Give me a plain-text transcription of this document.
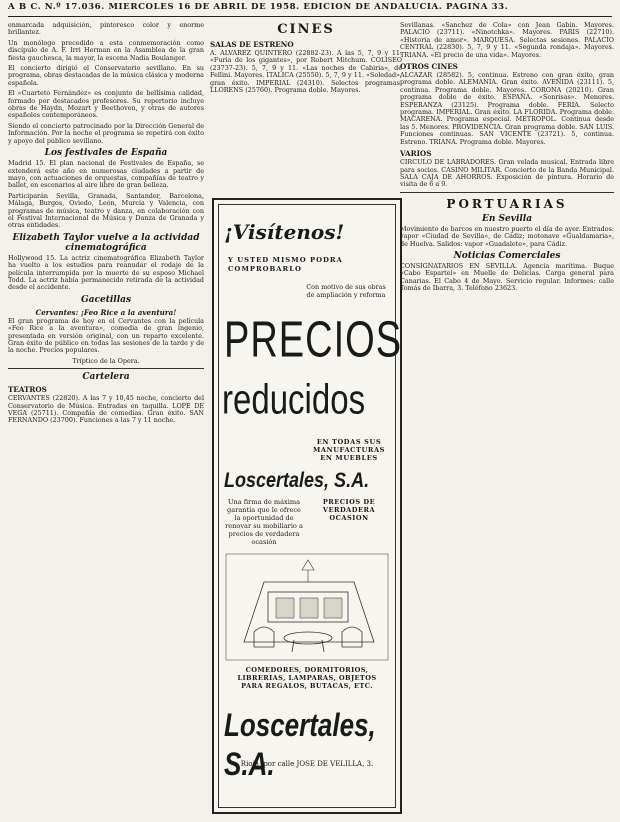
A B C. N.º 17.036. MIERCOLES 16 DE ABRIL DE 1958. EDICION DE ANDALUCIA. PAGINA 33.

enmarcada adquisición, pintoresco color y enorme brillantez.

Un monólogo precedido a esta conmemoración como discípulo de A. F. Irri Herman en la Asamblea de la gran fiesta gauchesca, la mayor, la escena Nadia Boulanger.

El concierto dirigió el Conservatorio sevillano. En su programa, obras destacadas de la música clásica y moderna española.

El «Cuarteto Fernández» es conjunto de bellísima calidad, formado por destacados profesores. Su repertorio incluye obras de Haydn, Mozart y Beethoven, y otras de autores españoles contemporáneos.

Siendo el concierto patrocinado por la Dirección General de Información. Por la noche el programa se repetirá con éxito y apoyo del público sevillano.

Los festivales de España

Madrid 15. El plan nacional de Festivales de España, se extenderá este año en numerosas ciudades a partir de mayo, con actuaciones de orquestas, compañías de teatro y ballet, en escenarios al aire libre de gran belleza.

Participarán Sevilla, Granada, Santander, Barcelona, Málaga, Burgos, Oviedo, León, Murcia y Valencia, con programas de música, teatro y danza, en colaboración con el Festival Internacional de Música y Danza de Granada y otras entidades.

Elizabeth Taylor vuelve a la actividad cinematográfica

Hollywood 15. La actriz cinematográfica Elizabeth Taylor ha vuelto a los estudios para reanudar el rodaje de la película interrumpida por la muerte de su esposo Michael Todd. La actriz había permanecido retirada de la actividad desde el accidente.

Gacetillas
Cervantes: ¡Feo Rice a la aventura!

El gran programa de hoy en el Cervantes con la película «Feo Rice a la aventura», comedia de gran ingenio, presentada en versión original, con un reparto excelente. Gran éxito de público en todas las sesiones de la tarde y de la noche. Precios populares.

Tríptico de la Opera.

Cartelera
TEATROS

CERVANTES (22820). A las 7 y 10,45 noche, concierto del Conservatorio de Música. Entradas en taquilla. LOPE DE VEGA (25711). Compañía de comedias. Gran éxito. SAN FERNANDO (23700). Funciones a las 7 y 11 noche.

CINES
SALAS DE ESTRENO

A. ALVAREZ QUINTERO (22882-23). A las 5, 7, 9 y 11. «Furia de los gigantes», por Robert Mitchum. COLISEO (23737-23). 5, 7, 9 y 11. «Las noches de Cabiria», de Fellini. Mayores. ITALICA (25550). 5, 7, 9 y 11. «Soledad», gran éxito. IMPERIAL (24310). Selectos programas. LLORENS (25760). Programa doble. Mayores.

¡Visítenos!
Y USTED MISMO PODRA
COMPROBARLO
Con motivo de sus obras de ampliación y reforma
PRECIOS
reducidos
EN TODAS SUS MANUFACTURAS EN MUEBLES
Loscertales, S.A.
Una firma de máxima garantía que le ofrece la oportunidad de renovar su mobiliario a precios de verdadera ocasión
PRECIOS DE VERDADERA OCASION
COMEDORES, DORMITORIOS, LIBRERIAS, LAMPARAS, OBJETOS PARA REGALOS, BUTACAS, ETC.
Loscertales, S.A.
Rioja, por calle JOSE DE VELILLA, 3.

Sevillanas. «Sanchez de Cola» con Jean Gabin. Mayores. PALACIO (23711). «Ninotchka». Mayores. PARIS (22710). «Historia de amor». MARQUESA. Selectas sesiones. PALACIO CENTRAL (22830). 5, 7, 9 y 11. «Segunda rondaja». Mayores. TRIANA. «El precio de una vida». Mayores.

OTROS CINES

ALCAZAR (28582). 5, continua. Estreno con gran éxito, gran programa doble. ALEMANIA. Gran éxito. AVENIDA (23111). 5, continua. Programa doble. Mayores. CORONA (20210). Gran programa doble de éxito. ESPAÑA. «Sonrisas». Menores. ESPERANZA (23125). Programa doble. FERIA. Selecto programa. IMPERIAL. Gran éxito. LA FLORIDA. Programa doble. MACARENA. Programa especial. METROPOL. Continua desde las 5. Menores. PROVIDENCIA. Gran programa doble. SAN LUIS. Funciones continuas. SAN VICENTE (23721). 5, continua. Estreno. TRIANA. Programa doble. Mayores.

VARIOS

CIRCULO DE LABRADORES. Gran velada musical. Entrada libre para socios. CASINO MILITAR. Concierto de la Banda Municipal. SALA CAJA DE AHORROS. Exposición de pintura. Horario de visita de 6 a 9.

PORTUARIAS
En Sevilla

Movimiento de barcos en nuestro puerto el día de ayer. Entrados: vapor «Ciudad de Sevilla», de Cádiz; motonave «Gualdamaria», de Huelva. Salidos: vapor «Guadalete», para Cádiz.

Noticias Comerciales

CONSIGNATARIOS EN SEVILLA. Agencia marítima. Buque «Cabo Espartel» en Muelle de Delicias. Carga general para Canarias. El Cabo 4 de Mayo. Servicio regular. Informes: calle Tomás de Ibarra, 3. Teléfono 23623.
